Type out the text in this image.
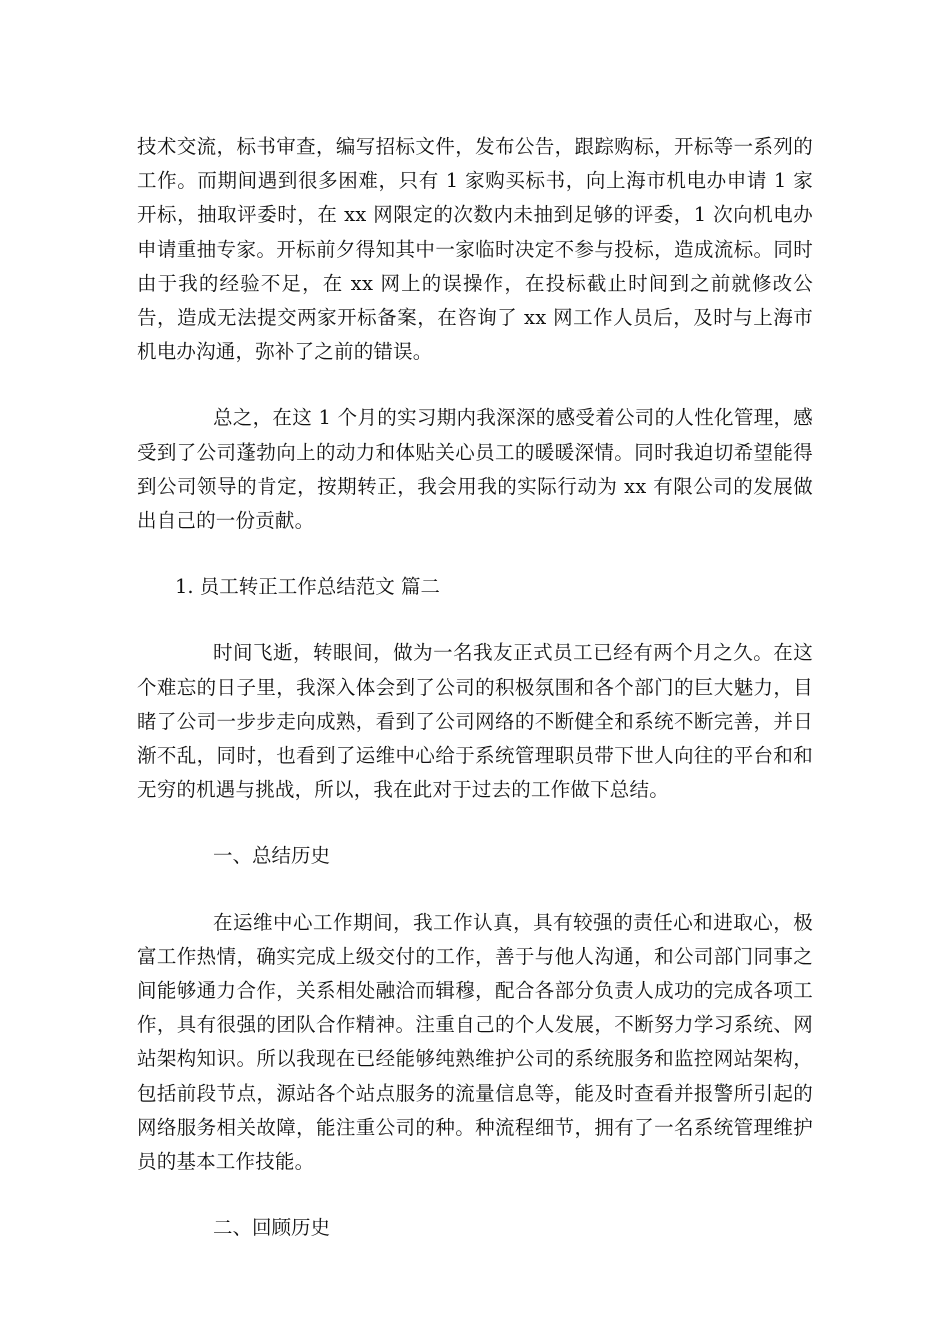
技术交流，标书审查，编写招标文件，发布公告，跟踪购标，开标等一系列的工作。而期间遇到很多困难，只有 1 家购买标书，向上海市机电办申请 1 家开标，抽取评委时，在 xx 网限定的次数内未抽到足够的评委，1 次向机电办申请重抽专家。开标前夕得知其中一家临时决定不参与投标，造成流标。同时由于我的经验不足，在 xx 网上的误操作，在投标截止时间到之前就修改公告，造成无法提交两家开标备案，在咨询了 xx 网工作人员后，及时与上海市机电办沟通，弥补了之前的错误。

总之，在这 1 个月的实习期内我深深的感受着公司的人性化管理，感受到了公司蓬勃向上的动力和体贴关心员工的暖暖深情。同时我迫切希望能得到公司领导的肯定，按期转正，我会用我的实际行动为 xx 有限公司的发展做出自己的一份贡献。

1. 员工转正工作总结范文 篇二

时间飞逝，转眼间，做为一名我友正式员工已经有两个月之久。在这个难忘的日子里，我深入体会到了公司的积极氛围和各个部门的巨大魅力，目睹了公司一步步走向成熟，看到了公司网络的不断健全和系统不断完善，并日渐不乱，同时，也看到了运维中心给于系统管理职员带下世人向往的平台和和无穷的机遇与挑战，所以，我在此对于过去的工作做下总结。

一、总结历史

在运维中心工作期间，我工作认真，具有较强的责任心和进取心，极富工作热情，确实完成上级交付的工作，善于与他人沟通，和公司部门同事之间能够通力合作，关系相处融洽而辑穆，配合各部分负责人成功的完成各项工作，具有很强的团队合作精神。注重自己的个人发展，不断努力学习系统、网站架构知识。所以我现在已经能够纯熟维护公司的系统服务和监控网站架构，包括前段节点，源站各个站点服务的流量信息等，能及时查看并报警所引起的网络服务相关故障，能注重公司的种。种流程细节，拥有了一名系统管理维护员的基本工作技能。

二、回顾历史
